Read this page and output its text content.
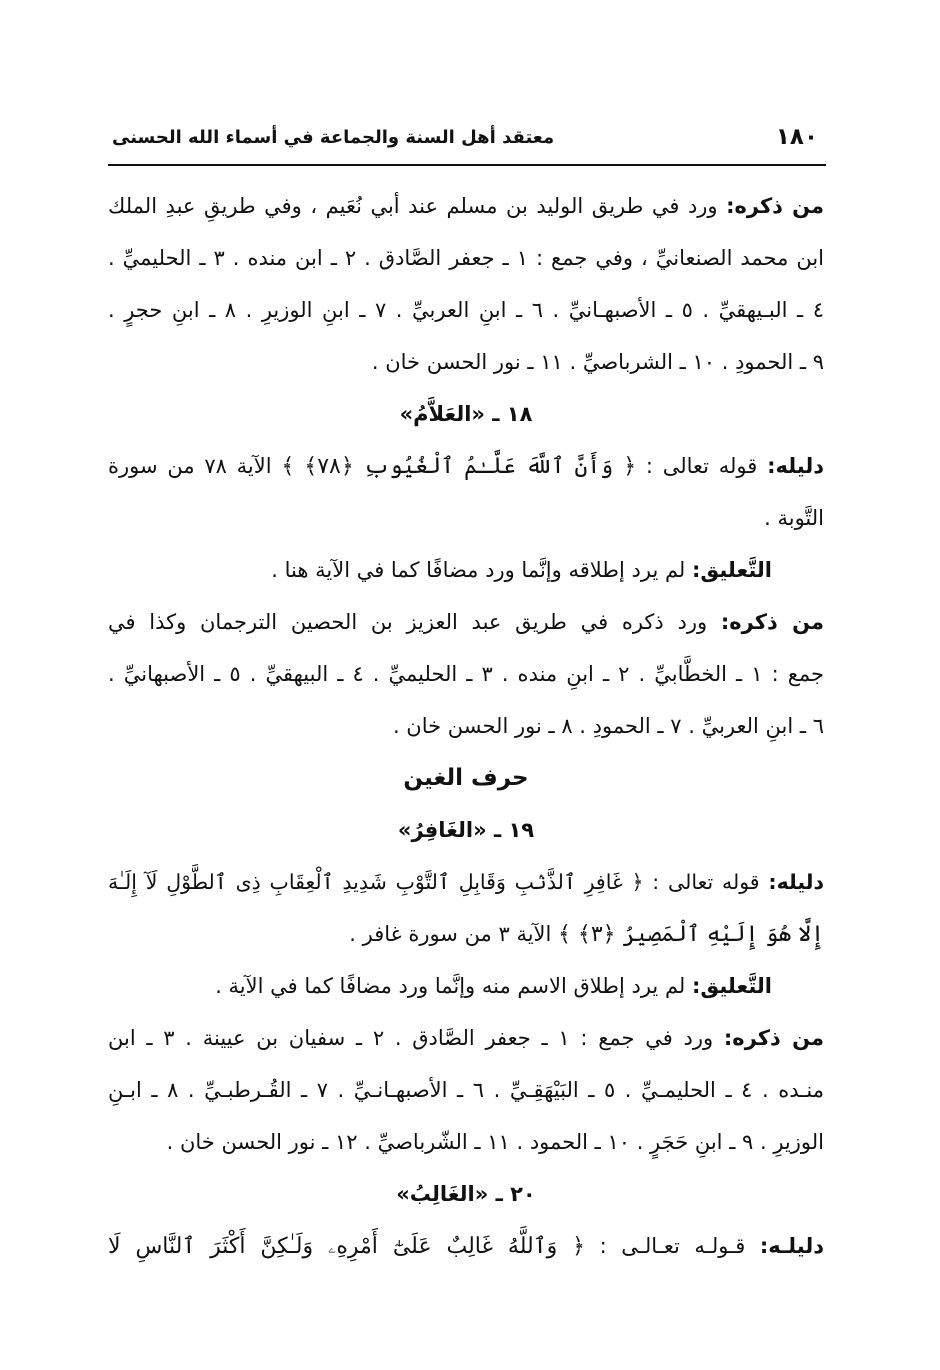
١٨٠
معتقد أهل السنة والجماعة في أسماء الله الحسنى
من ذكره: ورد في طريق الوليد بن مسلم عند أبي نُعَيم ، وفي طريقِ عبدِ الملك
ابن محمد الصنعانيِّ ، وفي جمع : ١ ـ جعفر الصَّادق . ٢ ـ ابن منده . ٣ ـ الحليميِّ .
٤ ـ البـيهقيِّ . ٥ ـ الأصبهـانيِّ . ٦ ـ ابنِ العربيِّ . ٧ ـ ابنِ الوزيرِ . ٨ ـ ابنِ حجرٍ .
٩ ـ الحمودِ . ١٠ ـ الشرباصيِّ . ١١ ـ نور الحسن خان .
١٨ ـ «العَلاَّمُ»
دليله: قوله تعالى : ﴿ وَأَنَّ ٱللَّهَ عَلَّـٰمُ ٱلْغُيُوبِ ﴿٧٨﴾ ﴾ الآية ٧٨ من سورة
التَّوبة .
التَّعليق: لم يرد إطلاقه وإنَّما ورد مضافًا كما في الآية هنا .
من ذكره: ورد ذكره في طريق عبد العزيز بن الحصين الترجمان وكذا في
جمع : ١ ـ الخطَّابيِّ . ٢ ـ ابنِ منده . ٣ ـ الحليميِّ . ٤ ـ البيهقيِّ . ٥ ـ الأصبهانيِّ .
٦ ـ ابنِ العربيِّ . ٧ ـ الحمودِ . ٨ ـ نور الحسن خان .
حرف الغين
١٩ ـ «الغَافِرُ»
دليله: قوله تعالى : ﴿ غَافِرِ ٱلذَّنۢبِ وَقَابِلِ ٱلتَّوْبِ شَدِيدِ ٱلْعِقَابِ ذِى ٱلطَّوْلِ لَآ إِلَـٰهَ
إِلَّا هُوَ إِلَيْهِ ٱلْمَصِيرُ ﴿٣﴾ ﴾ الآية ٣ من سورة غافر .
التَّعليق: لم يرد إطلاق الاسم منه وإنَّما ورد مضافًا كما في الآية .
من ذكره: ورد في جمع : ١ ـ جعفر الصَّادق . ٢ ـ سفيان بن عيينة . ٣ ـ ابن
منـده . ٤ ـ الحليمـيِّ . ٥ ـ البَيْهَقِـيِّ . ٦ ـ الأصبهـانـيِّ . ٧ ـ القُـرطبـيِّ . ٨ ـ ابـنِ
الوزيرِ . ٩ ـ ابنِ حَجَرٍ . ١٠ ـ الحمود . ١١ ـ الشّرباصيِّ . ١٢ ـ نور الحسن خان .
٢٠ ـ «الغَالِبُ»
دليلـه: قـولـه تعـالـى : ﴿ وَٱللَّهُ غَالِبٌ عَلَىٰٓ أَمْرِهِۦ وَلَـٰكِنَّ أَكْثَرَ ٱلنَّاسِ لَا
